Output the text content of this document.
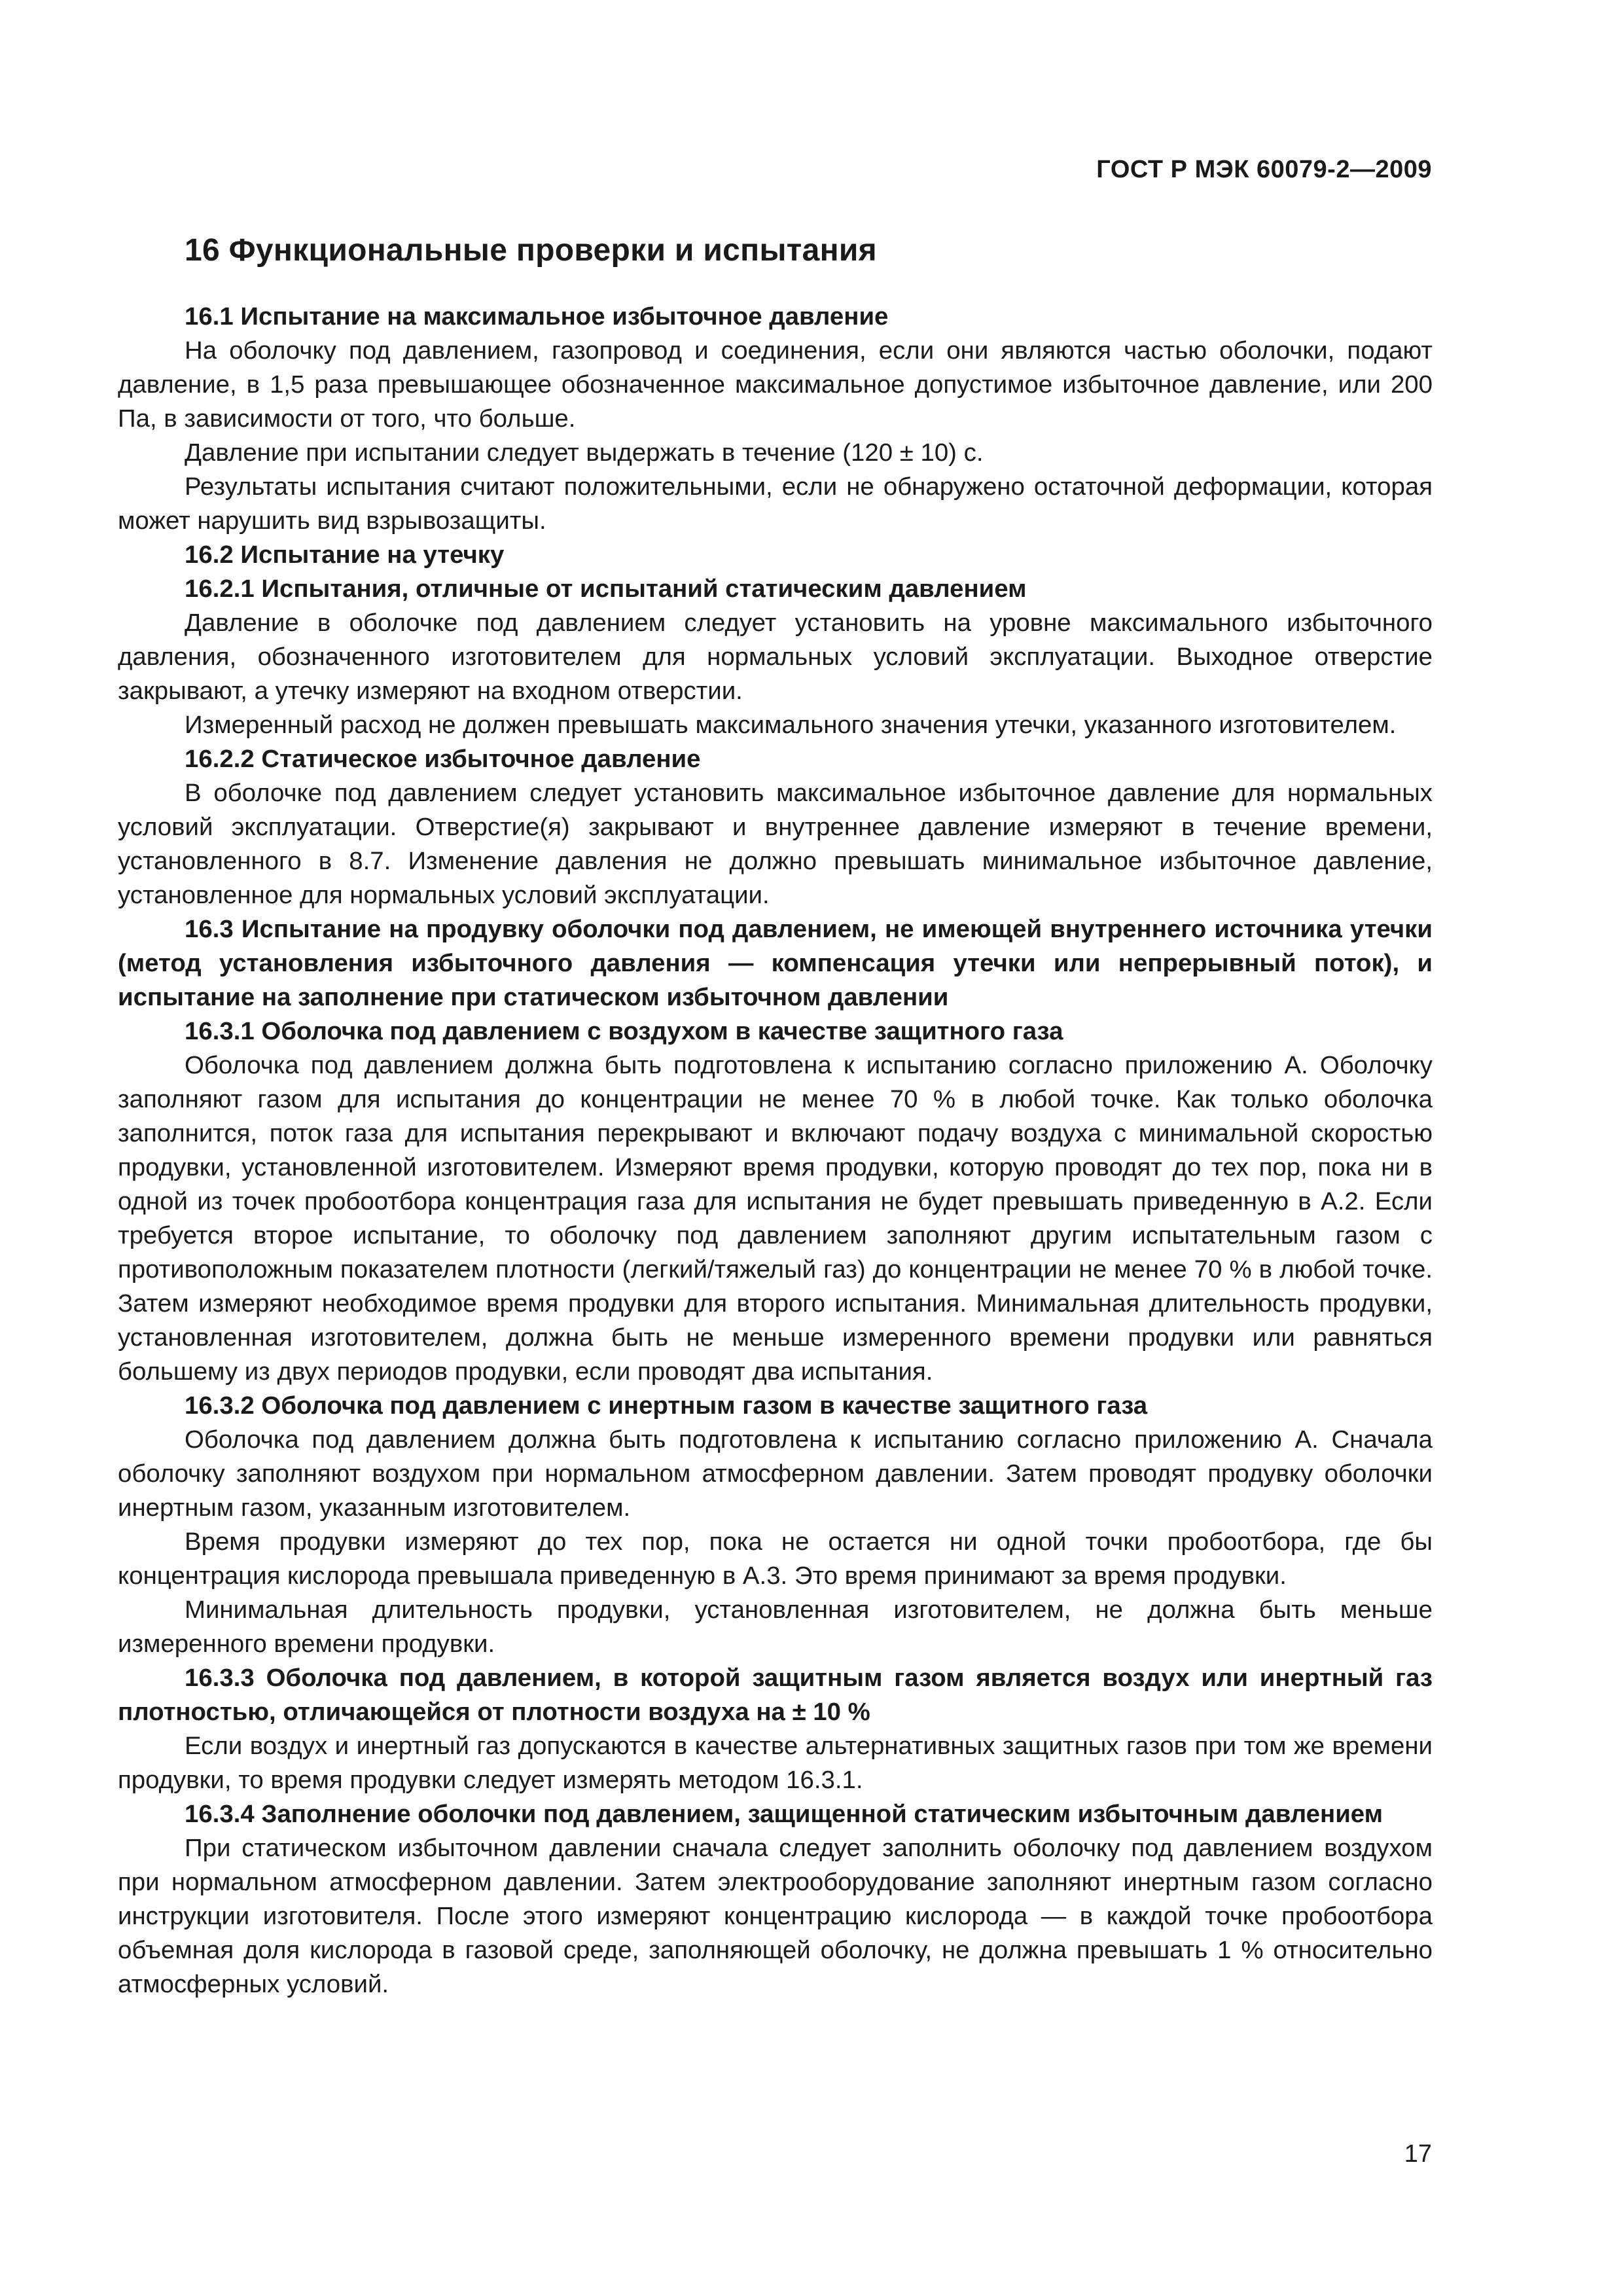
ГОСТ Р МЭК 60079-2—2009
16 Функциональные проверки и испытания

16.1 Испытание на максимальное избыточное давление

На оболочку под давлением, газопровод и соединения, если они являются частью оболочки, подают давление, в 1,5 раза превышающее обозначенное максимальное допустимое избыточное давление, или 200 Па, в зависимости от того, что больше.

Давление при испытании следует выдержать в течение (120 ± 10) с.

Результаты испытания считают положительными, если не обнаружено остаточной деформации, которая может нарушить вид взрывозащиты.

16.2 Испытание на утечку

16.2.1 Испытания, отличные от испытаний статическим давлением

Давление в оболочке под давлением следует установить на уровне максимального избыточного давления, обозначенного изготовителем для нормальных условий эксплуатации. Выходное отверстие закрывают, а утечку измеряют на входном отверстии.

Измеренный расход не должен превышать максимального значения утечки, указанного изготовителем.

16.2.2 Статическое избыточное давление

В оболочке под давлением следует установить максимальное избыточное давление для нормальных условий эксплуатации. Отверстие(я) закрывают и внутреннее давление измеряют в течение времени, установленного в 8.7. Изменение давления не должно превышать минимальное избыточное давление, установленное для нормальных условий эксплуатации.

16.3 Испытание на продувку оболочки под давлением, не имеющей внутреннего источника утечки (метод установления избыточного давления — компенсация утечки или непрерывный поток), и испытание на заполнение при статическом избыточном давлении

16.3.1 Оболочка под давлением с воздухом в качестве защитного газа

Оболочка под давлением должна быть подготовлена к испытанию согласно приложению А. Оболочку заполняют газом для испытания до концентрации не менее 70 % в любой точке. Как только оболочка заполнится, поток газа для испытания перекрывают и включают подачу воздуха с минимальной скоростью продувки, установленной изготовителем. Измеряют время продувки, которую проводят до тех пор, пока ни в одной из точек пробоотбора концентрация газа для испытания не будет превышать приведенную в А.2. Если требуется второе испытание, то оболочку под давлением заполняют другим испытательным газом с противоположным показателем плотности (легкий/тяжелый газ) до концентрации не менее 70 % в любой точке. Затем измеряют необходимое время продувки для второго испытания. Минимальная длительность продувки, установленная изготовителем, должна быть не меньше измеренного времени продувки или равняться большему из двух периодов продувки, если проводят два испытания.

16.3.2 Оболочка под давлением с инертным газом в качестве защитного газа

Оболочка под давлением должна быть подготовлена к испытанию согласно приложению А. Сначала оболочку заполняют воздухом при нормальном атмосферном давлении. Затем проводят продувку оболочки инертным газом, указанным изготовителем.

Время продувки измеряют до тех пор, пока не остается ни одной точки пробоотбора, где бы концентрация кислорода превышала приведенную в А.3. Это время принимают за время продувки.

Минимальная длительность продувки, установленная изготовителем, не должна быть меньше измеренного времени продувки.

16.3.3 Оболочка под давлением, в которой защитным газом является воздух или инертный газ плотностью, отличающейся от плотности воздуха на ± 10 %

Если воздух и инертный газ допускаются в качестве альтернативных защитных газов при том же времени продувки, то время продувки следует измерять методом 16.3.1.

16.3.4 Заполнение оболочки под давлением, защищенной статическим избыточным давлением

При статическом избыточном давлении сначала следует заполнить оболочку под давлением воздухом при нормальном атмосферном давлении. Затем электрооборудование заполняют инертным газом согласно инструкции изготовителя. После этого измеряют концентрацию кислорода — в каждой точке пробоотбора объемная доля кислорода в газовой среде, заполняющей оболочку, не должна превышать 1 % относительно атмосферных условий.

17
